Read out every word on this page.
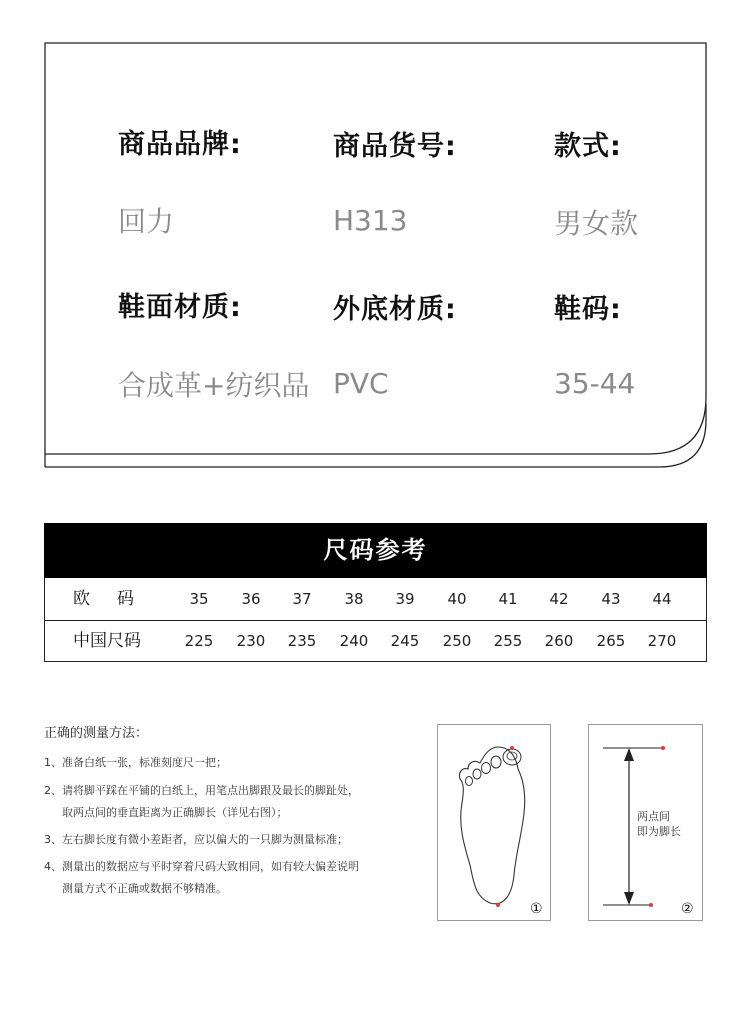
商品品牌:	商品货号:	款式:
回力	H313	男女款
鞋面材质:	外底材质:	鞋码:
合成革+纺织品 PVC	35-44
尺码参考
欧码	35	36	37	38	39	40	41	42	43	44
中国尺码	225	230	235	240	245	250	255	260	265	270
正确的测量方法：
1、准备白纸一张，标准刻度尺一把；
2、请将脚平踩在平铺的白纸上，用笔点出脚跟及最长的脚趾处，
取两点间的垂直距离为正确脚长（详见右图）；
3、左右脚长度有微小差距者，应以偏大的一只脚为测量标准；
4、测量出的数据应与平时穿着尺码大致相同，如有较大偏差说明
测量方式不正确或数据不够精准。
①
两点间
即为脚长
②
